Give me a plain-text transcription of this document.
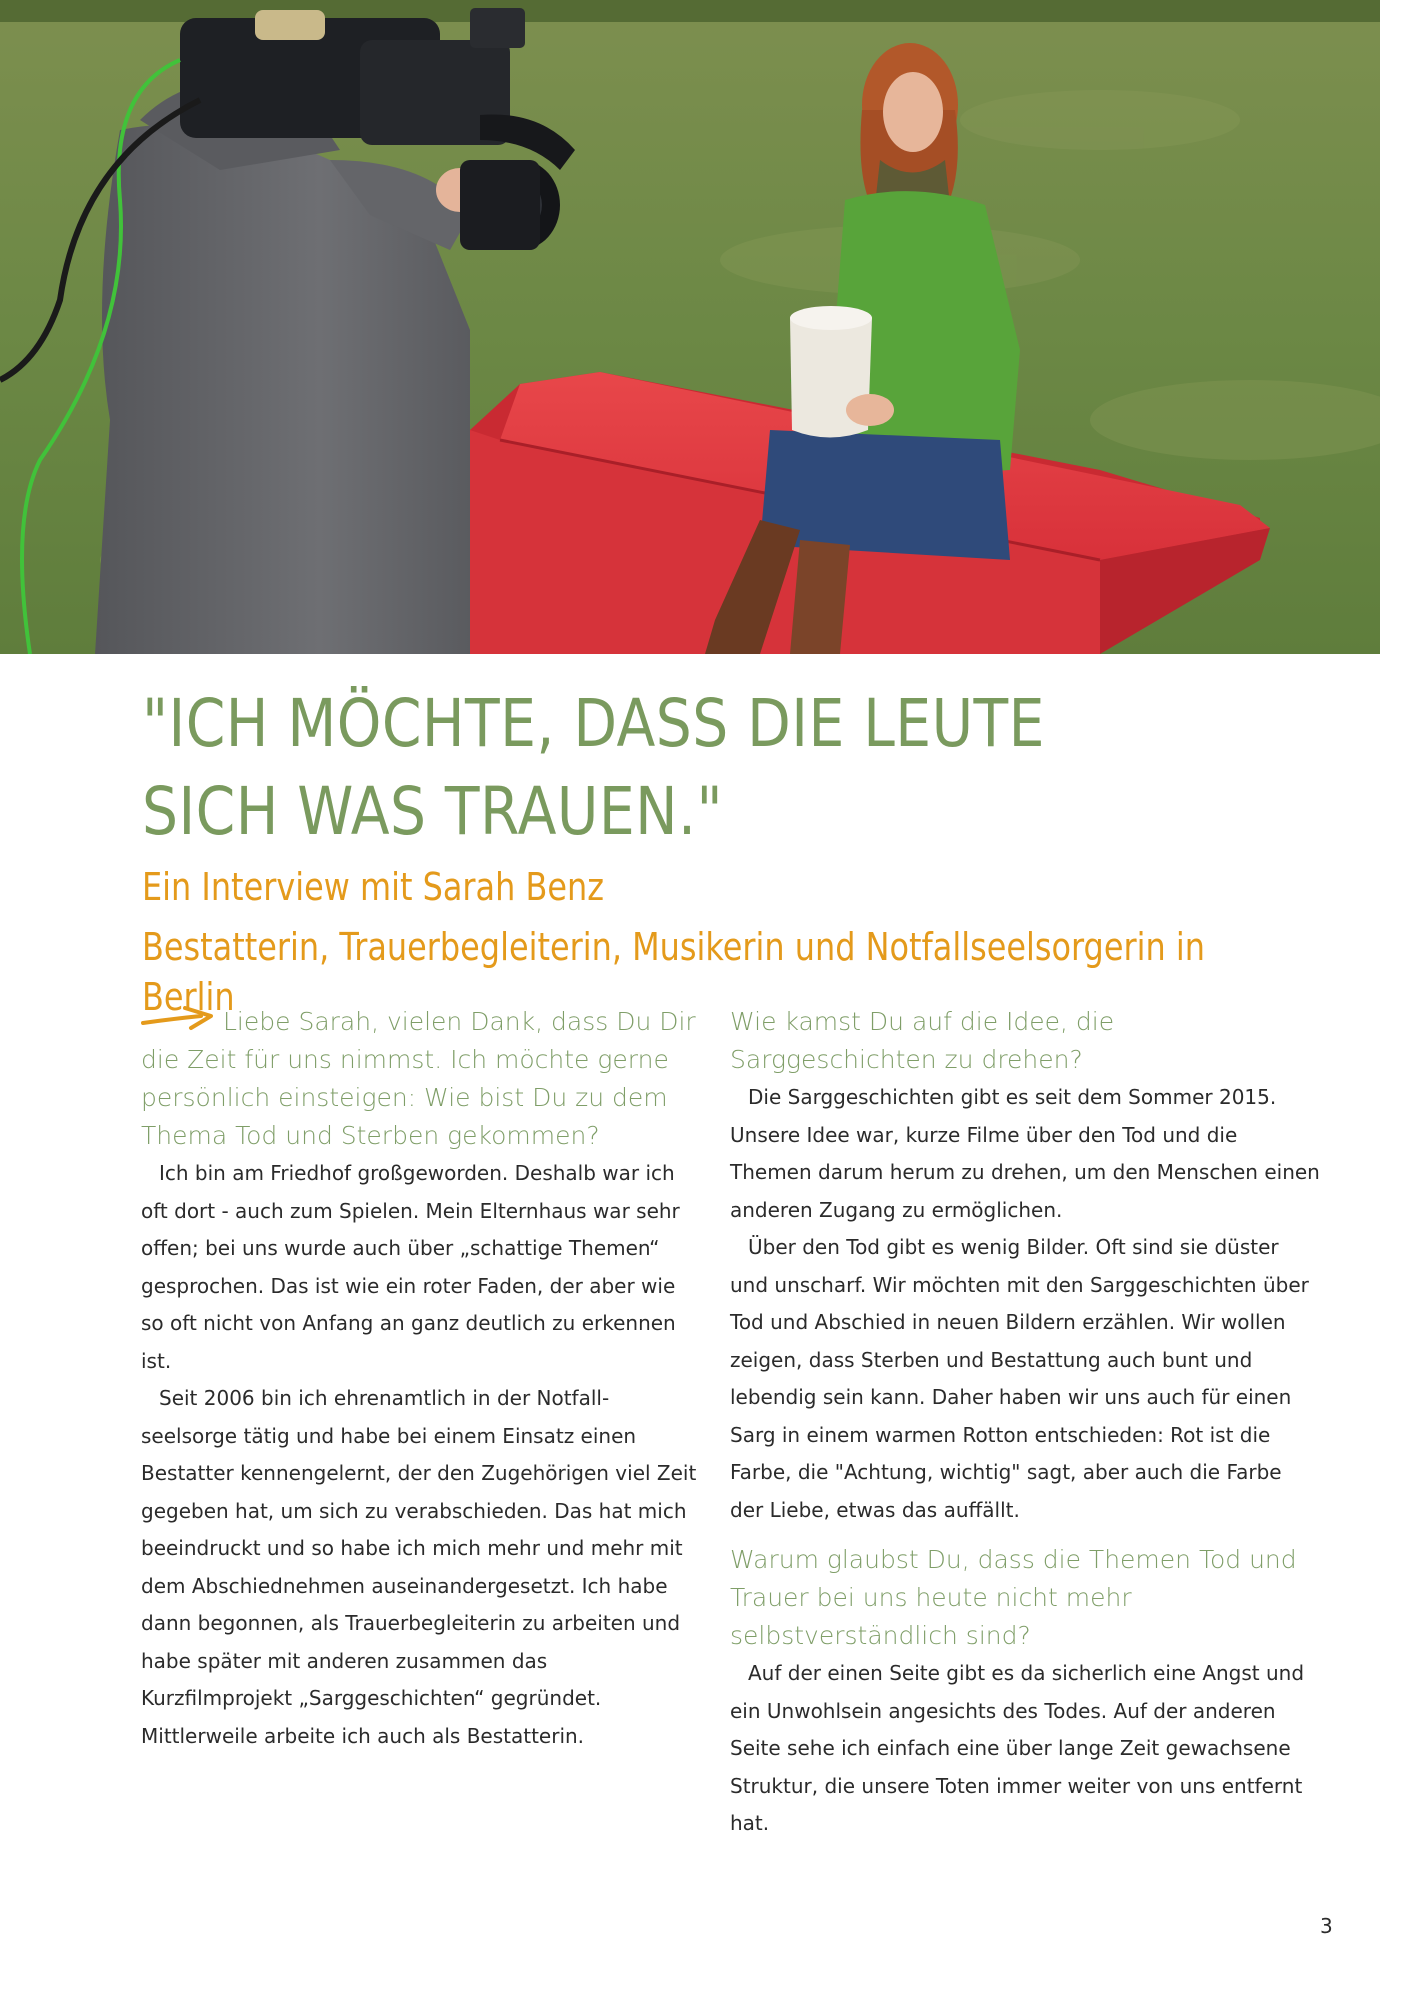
"ICH MÖCHTE, DASS DIE LEUTE SICH WAS TRAUEN."
Ein Interview mit Sarah Benz
Bestatterin, Trauerbegleiterin, Musikerin und Notfallseelsorgerin in Berlin

Liebe Sarah, vielen Dank, dass Du Dir die Zeit für uns nimmst. Ich möchte gerne persönlich einsteigen: Wie bist Du zu dem Thema Tod und Sterben gekommen?

Ich bin am Friedhof großgeworden. Deshalb war ich oft dort - auch zum Spielen. Mein Elternhaus war sehr offen; bei uns wurde auch über „schattige Themen“ gesprochen. Das ist wie ein roter Faden, der aber wie so oft nicht von Anfang an ganz deutlich zu erkennen ist.

Seit 2006 bin ich ehrenamtlich in der Notfall-seelsorge tätig und habe bei einem Einsatz einen Bestatter kennengelernt, der den Zugehörigen viel Zeit gegeben hat, um sich zu verabschieden. Das hat mich beeindruckt und so habe ich mich mehr und mehr mit dem Abschiednehmen auseinandergesetzt. Ich habe dann begonnen, als Trauerbegleiterin zu arbeiten und habe später mit anderen zusammen das Kurzfilmprojekt „Sarggeschichten“ gegründet. Mittlerweile arbeite ich auch als Bestatterin.

Wie kamst Du auf die Idee, die Sarggeschichten zu drehen?

Die Sarggeschichten gibt es seit dem Sommer 2015. Unsere Idee war, kurze Filme über den Tod und die Themen darum herum zu drehen, um den Menschen einen anderen Zugang zu ermöglichen.

Über den Tod gibt es wenig Bilder. Oft sind sie düster und unscharf. Wir möchten mit den Sarggeschichten über Tod und Abschied in neuen Bildern erzählen. Wir wollen zeigen, dass Sterben und Bestattung auch bunt und lebendig sein kann. Daher haben wir uns auch für einen Sarg in einem warmen Rotton entschieden: Rot ist die Farbe, die "Achtung, wichtig" sagt, aber auch die Farbe der Liebe, etwas das auffällt.

Warum glaubst Du, dass die Themen Tod und Trauer bei uns heute nicht mehr selbstverständlich sind?

Auf der einen Seite gibt es da sicherlich eine Angst und ein Unwohlsein angesichts des Todes. Auf der anderen Seite sehe ich einfach eine über lange Zeit gewachsene Struktur, die unsere Toten immer weiter von uns entfernt hat.

3
